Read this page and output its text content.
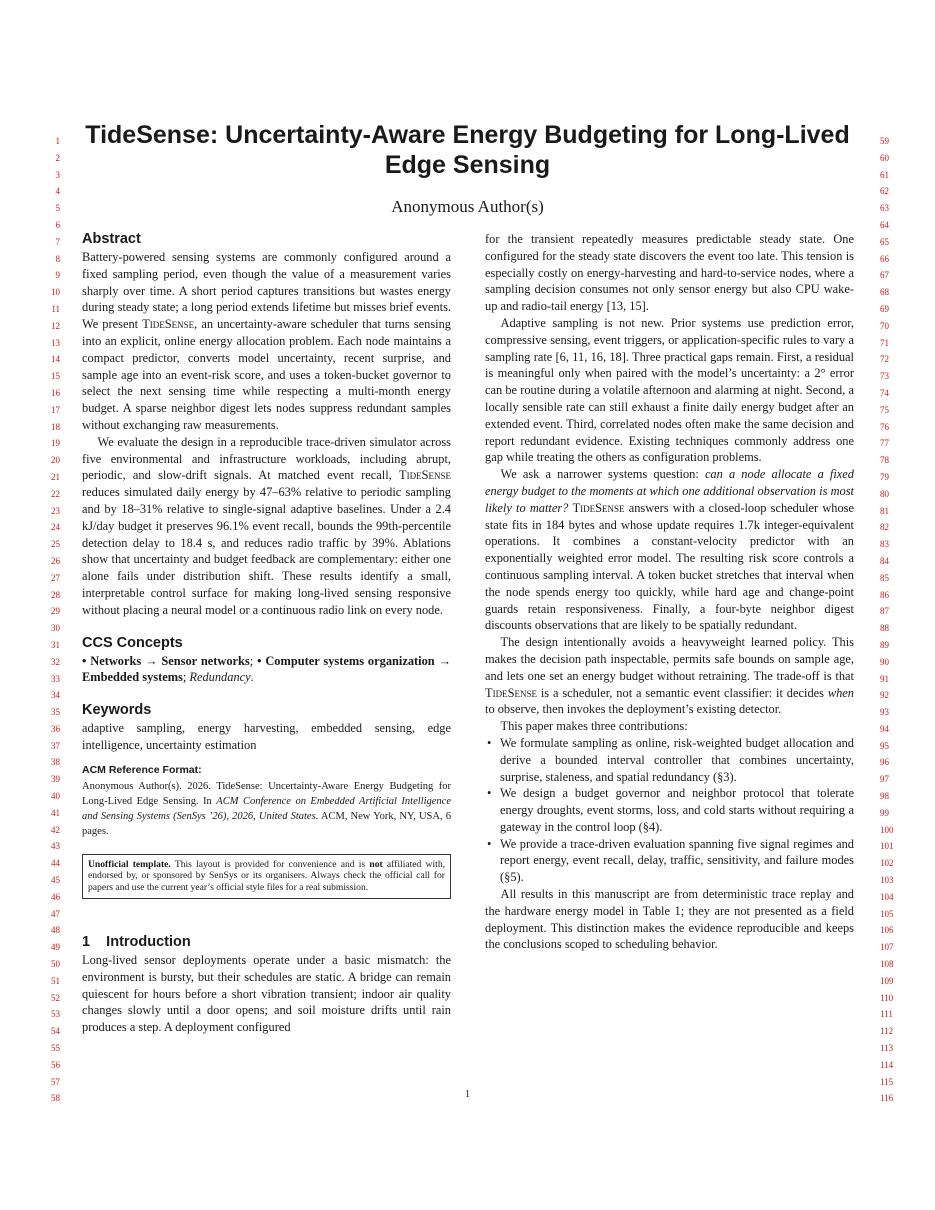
1
2
3
4
5
6
7
8
9
10
11
12
13
14
15
16
17
18
19
20
21
22
23
24
25
26
27
28
29
30
31
32
33
34
35
36
37
38
39
40
41
42
43
44
45
46
47
48
49
50
51
52
53
54
55
56
57
58
59
60
61
62
63
64
65
66
67
68
69
70
71
72
73
74
75
76
77
78
79
80
81
82
83
84
85
86
87
88
89
90
91
92
93
94
95
96
97
98
99
100
101
102
103
104
105
106
107
108
109
110
111
112
113
114
115
116
TideSense: Uncertainty-Aware Energy Budgeting for Long-Lived
Edge Sensing
Anonymous Author(s)
Abstract

Battery-powered sensing systems are commonly configured around a fixed sampling period, even though the value of a measurement varies sharply over time. A short period captures transitions but wastes energy during steady state; a long period extends lifetime but misses brief events. We present TideSense, an uncertainty-aware scheduler that turns sensing into an explicit, online energy allocation problem. Each node maintains a compact predictor, converts model uncertainty, recent surprise, and sample age into an event-risk score, and uses a token-bucket governor to select the next sensing time while respecting a multi-month energy budget. A sparse neighbor digest lets nodes suppress redundant samples without exchanging raw measurements.

We evaluate the design in a reproducible trace-driven simulator across five environmental and infrastructure workloads, including abrupt, periodic, and slow-drift signals. At matched event recall, TideSense reduces simulated daily energy by 47–63% relative to periodic sampling and by 18–31% relative to single-signal adaptive baselines. Under a 2.4 kJ/day budget it preserves 96.1% event recall, bounds the 99th-percentile detection delay to 18.4 s, and reduces radio traffic by 39%. Ablations show that uncertainty and budget feedback are complementary: either one alone fails under distribution shift. These results identify a small, interpretable control surface for making long-lived sensing responsive without placing a neural model or a continuous radio link on every node.

CCS Concepts

• Networks → Sensor networks; • Computer systems organization → Embedded systems; Redundancy.

Keywords

adaptive sampling, energy harvesting, embedded sensing, edge intelligence, uncertainty estimation

ACM Reference Format:
Anonymous Author(s). 2026. TideSense: Uncertainty-Aware Energy Budgeting for Long-Lived Edge Sensing. In ACM Conference on Embedded Artificial Intelligence and Sensing Systems (SenSys ’26), 2026, United States. ACM, New York, NY, USA, 6 pages.
Unofficial template. This layout is provided for convenience and is not affiliated with, endorsed by, or sponsored by SenSys or its organisers. Always check the official call for papers and use the current year’s official style files for a real submission.
1    Introduction

Long-lived sensor deployments operate under a basic mismatch: the environment is bursty, but their schedules are static. A bridge can remain quiescent for hours before a short vibration transient; indoor air quality changes slowly until a door opens; and soil moisture drifts until rain produces a step. A deployment configured

for the transient repeatedly measures predictable steady state. One configured for the steady state discovers the event too late. This tension is especially costly on energy-harvesting and hard-to-service nodes, where a sampling decision consumes not only sensor energy but also CPU wake-up and radio-tail energy [13, 15].

Adaptive sampling is not new. Prior systems use prediction error, compressive sensing, event triggers, or application-specific rules to vary a sampling rate [6, 11, 16, 18]. Three practical gaps remain. First, a residual is meaningful only when paired with the model’s uncertainty: a 2° error can be routine during a volatile afternoon and alarming at night. Second, a locally sensible rate can still exhaust a finite daily energy budget after an extended event. Third, correlated nodes often make the same decision and report redundant evidence. Existing techniques commonly address one gap while treating the others as configuration problems.

We ask a narrower systems question: can a node allocate a fixed energy budget to the moments at which one additional observation is most likely to matter? TideSense answers with a closed-loop scheduler whose state fits in 184 bytes and whose update requires 1.7k integer-equivalent operations. It combines a constant-velocity predictor with an exponentially weighted error model. The resulting risk score controls a continuous sampling interval. A token bucket stretches that interval when the node spends energy too quickly, while hard age and change-point guards retain responsiveness. Finally, a four-byte neighbor digest discounts observations that are likely to be spatially redundant.

The design intentionally avoids a heavyweight learned policy. This makes the decision path inspectable, permits safe bounds on sample age, and lets one set an energy budget without retraining. The trade-off is that TideSense is a scheduler, not a semantic event classifier: it decides when to observe, then invokes the deployment’s existing detector.

This paper makes three contributions:

• We formulate sampling as online, risk-weighted budget allocation and derive a bounded interval controller that combines uncertainty, surprise, staleness, and spatial redundancy (§3).
• We design a budget governor and neighbor protocol that tolerate energy droughts, event storms, loss, and cold starts without requiring a gateway in the control loop (§4).
• We provide a trace-driven evaluation spanning five signal regimes and report energy, event recall, delay, traffic, sensitivity, and failure modes (§5).

All results in this manuscript are from deterministic trace replay and the hardware energy model in Table 1; they are not presented as a field deployment. This distinction makes the evidence reproducible and keeps the conclusions scoped to scheduling behavior.

1
